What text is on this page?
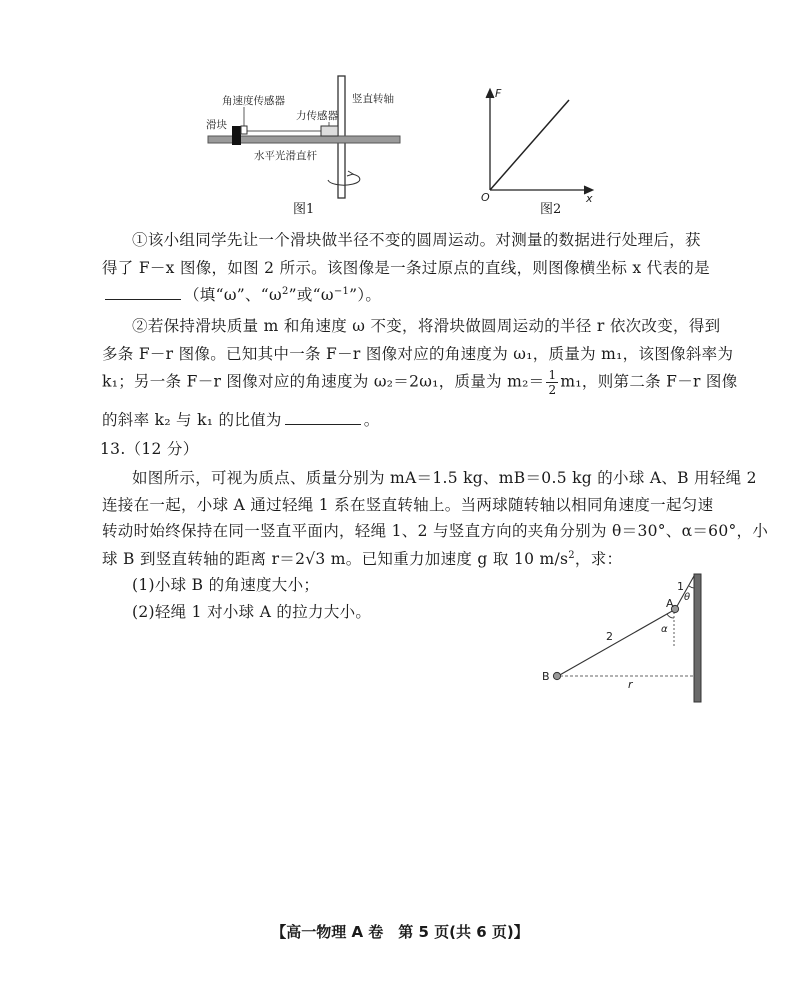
角速度传感器	竖直转轴
力传感器
滑块
水平光滑直杆
图1
F
x
O
图2
①该小组同学先让一个滑块做半径不变的圆周运动。对测量的数据进行处理后，获
得了 F－x 图像，如图 2 所示。该图像是一条过原点的直线，则图像横坐标 x 代表的是
（填“ω”、“$\omega^2$”或“$\omega^{-1}$”）。
②若保持滑块质量 m 和角速度 ω 不变，将滑块做圆周运动的半径 r 依次改变，得到
多条 F－r 图像。已知其中一条 F－r 图像对应的角速度为 ω₁，质量为 m₁，该图像斜率为
k₁；另一条 F－r 图像对应的角速度为 ω₂＝2ω₁，质量为 $m_2= \frac{1}{2} m_1$，则第二条 F－r 图像
的斜率 k₂ 与 k₁ 的比值为	。
13.（12 分）
如图所示，可视为质点、质量分别为 mA＝1.5 kg、mB＝0.5 kg 的小球 A、B 用轻绳 2
连接在一起，小球 A 通过轻绳 1 系在竖直转轴上。当两球随转轴以相同角速度一起匀速
转动时始终保持在同一竖直平面内，轻绳 1、2 与竖直方向的夹角分别为 θ＝30°、α＝60°，小
球 B 到竖直转轴的距离 r＝2√3 m。已知重力加速度 g 取 10 $m/s^2$，求：
(1)小球 B 的角速度大小；
(2)轻绳 1 对小球 A 的拉力大小。
1
θ
A
2
α
B
r
【高一物理 A 卷　第 5 页(共 6 页)】
